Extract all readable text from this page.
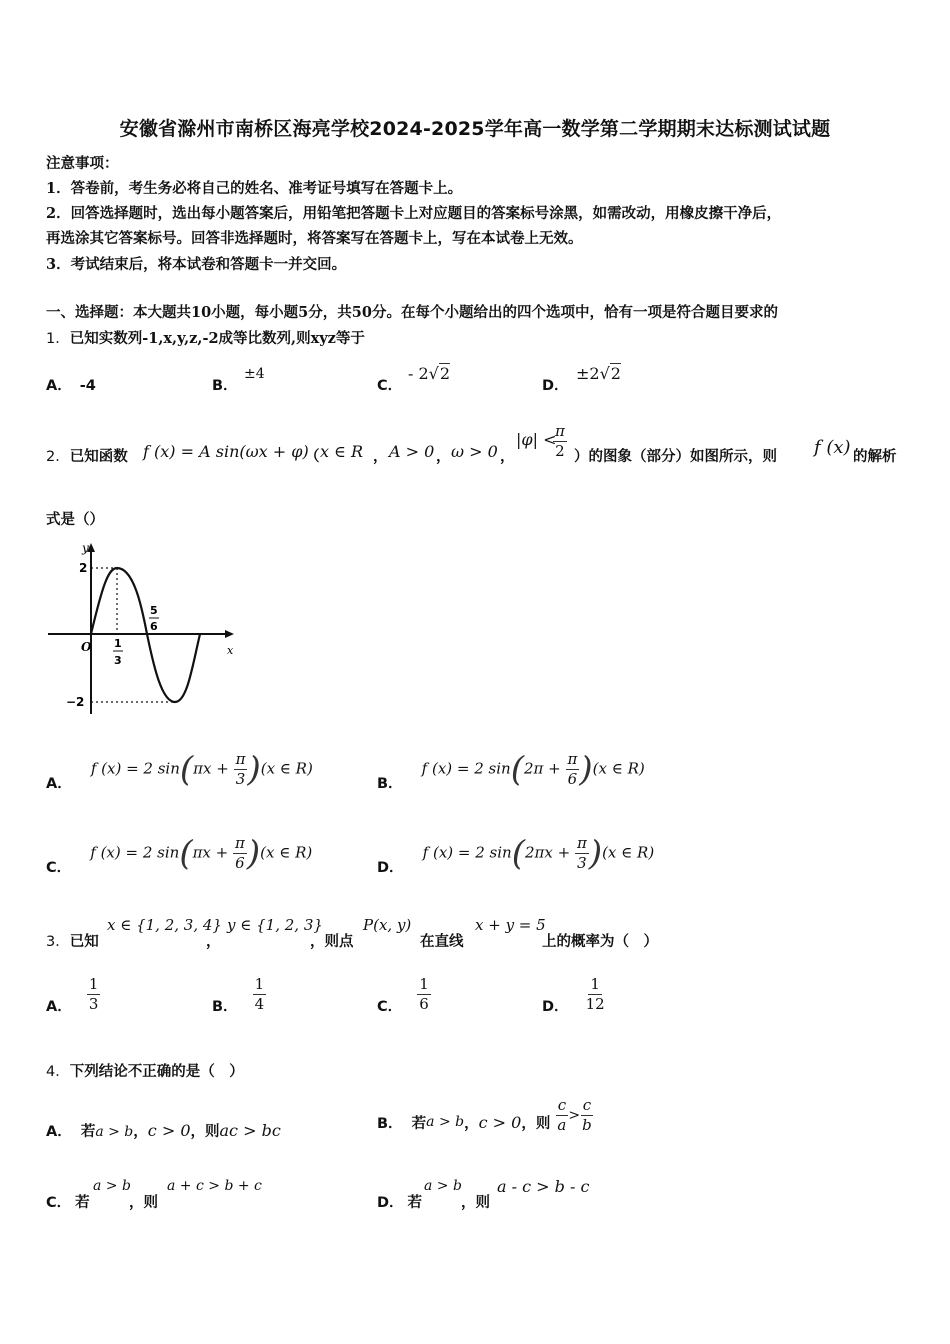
安徽省滁州市南桥区海亮学校2024-2025学年高一数学第二学期期末达标测试试题
注意事项：
1．答卷前，考生务必将自己的姓名、准考证号填写在答题卡上。
2．回答选择题时，选出每小题答案后，用铅笔把答题卡上对应题目的答案标号涂黑，如需改动，用橡皮擦干净后，
再选涂其它答案标号。回答非选择题时，将答案写在答题卡上，写在本试卷上无效。
3．考试结束后，将本试卷和答题卡一并交回。
一、选择题：本大题共10小题，每小题5分，共50分。在每个小题给出的四个选项中，恰有一项是符合题目要求的
1．已知实数列-1,x,y,z,-2成等比数列,则xyz等于
A． -4	B．
±4
C．
- 2√2
D．
±2√2
2．已知函数 f (x) = A sin(ωx + φ)
（ x ∈ R ， A > 0 ， ω > 0 ，
|φ| <
$\frac{\pi}{2}$ ）的图象（部分）如图所示，则 f (x) 的解析
式是（）
y
x
O
2
−2
1
3
5
6
A． f (x) = 2 $\sin(\pi x + \frac{\pi}{3} )(x$ ∈ R)
B． f (x) = 2 $\sin(2\pi + \frac{\pi}{6} )(x$ ∈ R)
C． f (x) = 2 $\sin(\pi x + \frac{\pi}{6} )(x$ ∈ R)
D． f (x) = 2 $\sin(2\pi x + \frac{\pi}{3} )(x$ ∈ R)
3．已知
x ∈ {1, 2, 3, 4}
，
y ∈ {1, 2, 3}
，则点
P(x, y)
在直线
x + y = 5
上的概率为（　）
A． $\frac{1}{3}$	B． $\frac{1}{4}$	C． $\frac{1}{6}$	D． $\frac{1}{12}$
4．下列结论不正确的是（　）
A． 若a > b，c > 0，则ac > bc	B． 若a > b，c > 0，则 $\frac{c}{a} > \frac{c}{b}$
C． 若
a > b
，则
a + c > b + c
D． 若
a > b
，则
a - c > b - c
